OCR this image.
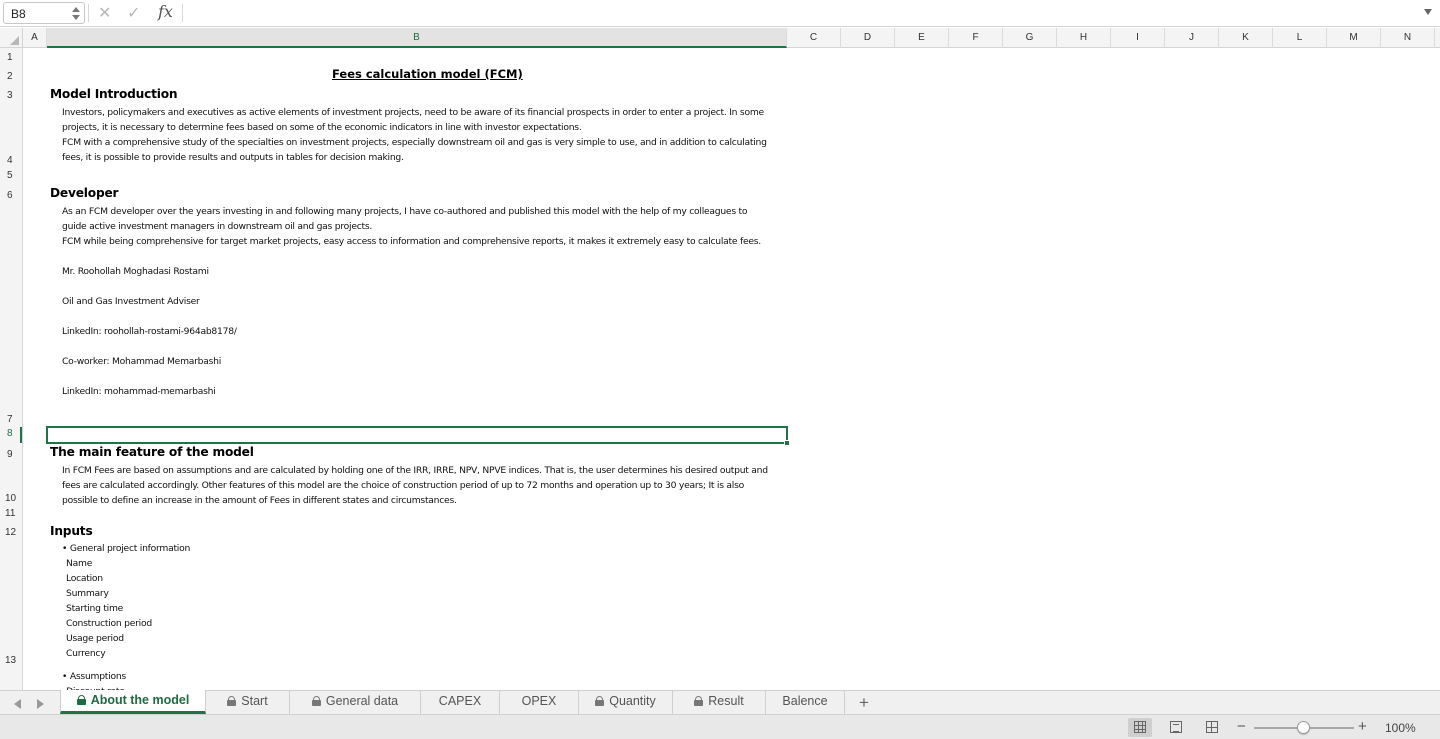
B8	✕ ✓ fx
A	B	C	D	E	F	G	H	I	J	K	L	M	N
1
2
3
4
5
6
7
8
9
10
11
12
13
Fees calculation model (FCM)
Model Introduction
Investors, policymakers and executives as active elements of investment projects, need to be aware of its financial prospects in order to enter a project. In some
projects, it is necessary to determine fees based on some of the economic indicators in line with investor expectations.
FCM with a comprehensive study of the specialties on investment projects, especially downstream oil and gas is very simple to use, and in addition to calculating
fees, it is possible to provide results and outputs in tables for decision making.
Developer
As an FCM developer over the years investing in and following many projects, I have co-authored and published this model with the help of my colleagues to
guide active investment managers in downstream oil and gas projects.
FCM while being comprehensive for target market projects, easy access to information and comprehensive reports, it makes it extremely easy to calculate fees.
Mr. Roohollah Moghadasi Rostami
Oil and Gas Investment Adviser
LinkedIn: roohollah-rostami-964ab8178/
Co-worker: Mohammad Memarbashi
LinkedIn: mohammad-memarbashi
The main feature of the model
In FCM Fees are based on assumptions and are calculated by holding one of the IRR, IRRE, NPV, NPVE indices. That is, the user determines his desired output and
fees are calculated accordingly. Other features of this model are the choice of construction period of up to 72 months and operation up to 30 years; It is also
possible to define an increase in the amount of Fees in different states and circumstances.
Inputs
• General project information
Name
Location
Summary
Starting time
Construction period
Usage period
Currency
• Assumptions
About the model	Start	General data	CAPEX	OPEX	Quantity	Result	Balence	+
−	+ 100%
